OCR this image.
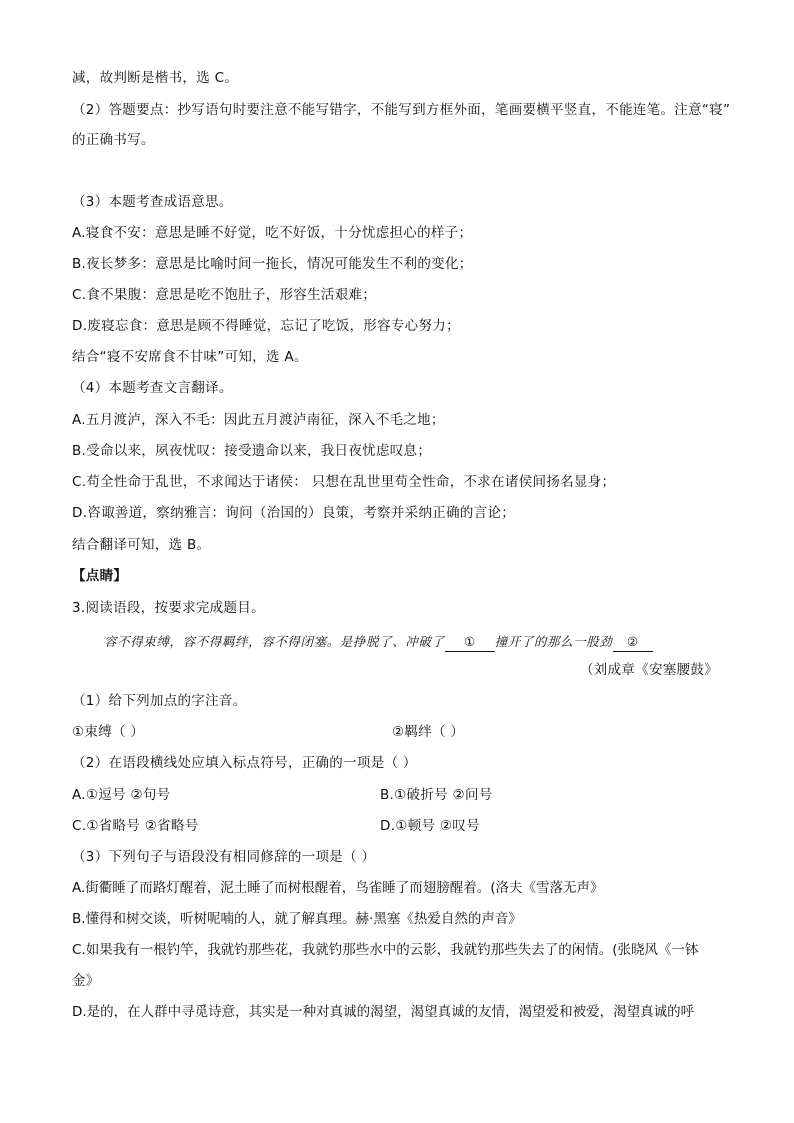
减，故判断是楷书，选 C。
（2）答题要点：抄写语句时要注意不能写错字，不能写到方框外面，笔画要横平竖直，不能连笔。注意“寝”
的正确书写。
（3）本题考查成语意思。
A.寝食不安：意思是睡不好觉，吃不好饭，十分忧虑担心的样子；
B.夜长梦多：意思是比喻时间一拖长，情况可能发生不利的变化；
C.食不果腹：意思是吃不饱肚子，形容生活艰难；
D.废寝忘食：意思是顾不得睡觉，忘记了吃饭，形容专心努力；
结合“寝不安席食不甘味”可知，选 A。
（4）本题考查文言翻译。
A.五月渡泸，深入不毛：因此五月渡泸南征，深入不毛之地；
B.受命以来，夙夜忧叹：接受遗命以来，我日夜忧虑叹息；
C.苟全性命于乱世，不求闻达于诸侯： 只想在乱世里苟全性命，不求在诸侯间扬名显身；
D.咨诹善道，察纳雅言：询问（治国的）良策，考察并采纳正确的言论；
结合翻译可知，选 B。
【点睛】
3.阅读语段，按要求完成题目。
容不得束缚，容不得羁绊，容不得闭塞。是挣脱了、冲破了 ① 撞开了的那么一股劲 ②
（刘成章《安塞腰鼓》
（1）给下列加点的字注音。
①束缚（ ）	②羁绊（ ）
（2）在语段横线处应填入标点符号，正确的一项是（ ）
A.①逗号 ②句号	B.①破折号 ②问号
C.①省略号 ②省略号	D.①顿号 ②叹号
（3）下列句子与语段没有相同修辞的一项是（ ）
A.街衢睡了而路灯醒着，泥土睡了而树根醒着，鸟雀睡了而翅膀醒着。(洛夫《雪落无声》
B.懂得和树交谈，听树呢喃的人，就了解真理。赫·黑塞《热爱自然的声音》
C.如果我有一根钓竿，我就钓那些花，我就钓那些水中的云影，我就钓那些失去了的闲情。(张晓风《一钵
金》
D.是的，在人群中寻觅诗意，其实是一种对真诚的渴望，渴望真诚的友情，渴望爱和被爱，渴望真诚的呼
